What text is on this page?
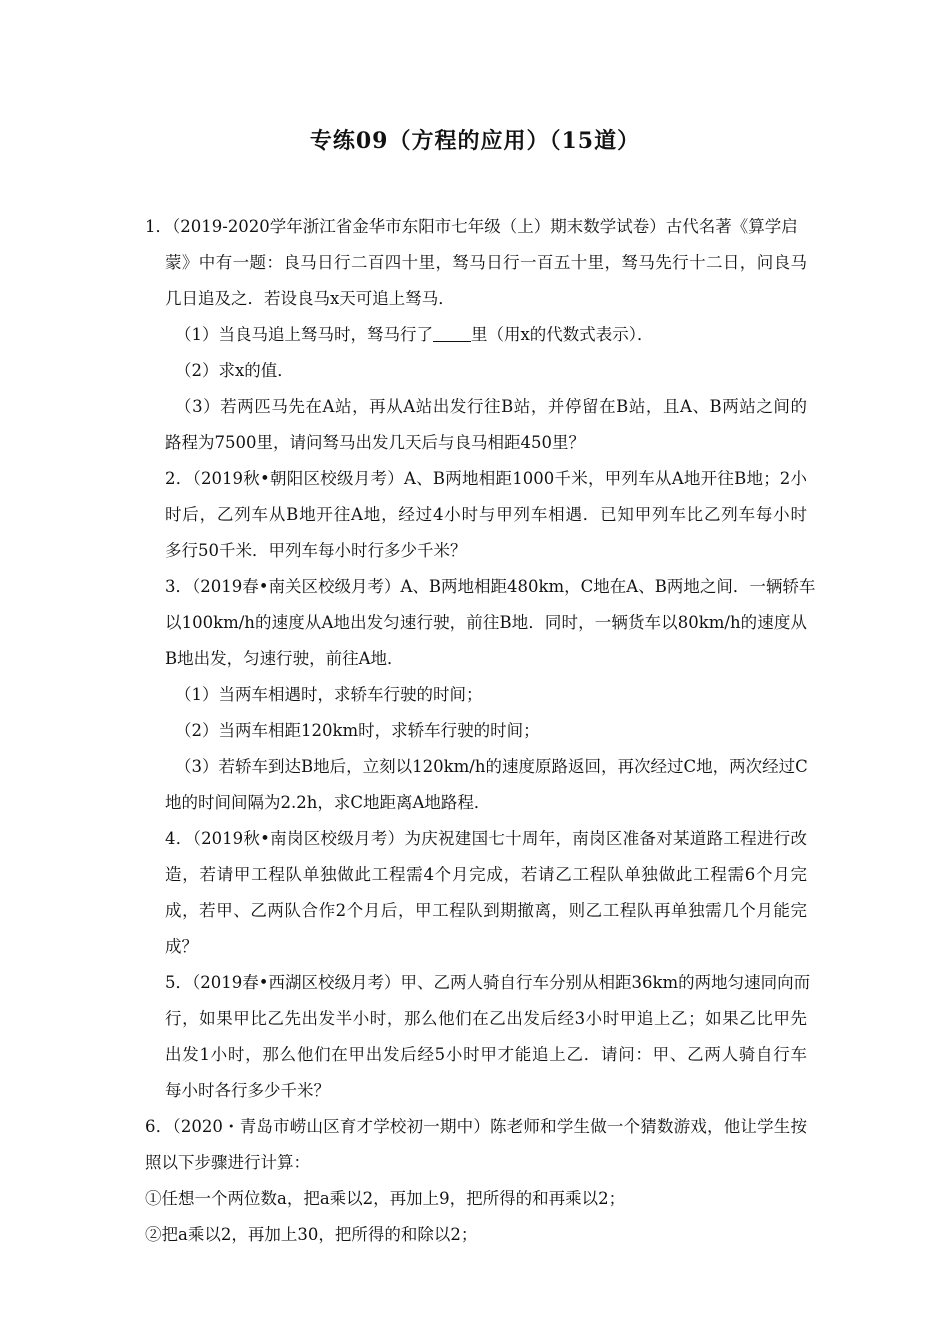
专练09（方程的应用）（15道）
1．（2019-2020学年浙江省金华市东阳市七年级（上）期末数学试卷）古代名著《算学启
蒙》中有一题：良马日行二百四十里，驽马日行一百五十里，驽马先行十二日，问良马
几日追及之．若设良马x天可追上驽马．
（1）当良马追上驽马时，驽马行了 里（用x的代数式表示）．
（2）求x的值．
（3）若两匹马先在A站，再从A站出发行往B站，并停留在B站，且A、B两站之间的
路程为7500里，请问驽马出发几天后与良马相距450里？
2．（2019秋•朝阳区校级月考）A、B两地相距1000千米，甲列车从A地开往B地；2小
时后，乙列车从B地开往A地，经过4小时与甲列车相遇．已知甲列车比乙列车每小时
多行50千米．甲列车每小时行多少千米？
3．（2019春•南关区校级月考）A、B两地相距480km，C地在A、B两地之间．一辆轿车
以100km/h的速度从A地出发匀速行驶，前往B地．同时，一辆货车以80km/h的速度从
B地出发，匀速行驶，前往A地．
（1）当两车相遇时，求轿车行驶的时间；
（2）当两车相距120km时，求轿车行驶的时间；
（3）若轿车到达B地后，立刻以120km/h的速度原路返回，再次经过C地，两次经过C
地的时间间隔为2.2h，求C地距离A地路程．
4．（2019秋•南岗区校级月考）为庆祝建国七十周年，南岗区准备对某道路工程进行改
造，若请甲工程队单独做此工程需4个月完成，若请乙工程队单独做此工程需6个月完
成，若甲、乙两队合作2个月后，甲工程队到期撤离，则乙工程队再单独需几个月能完
成？
5．（2019春•西湖区校级月考）甲、乙两人骑自行车分别从相距36km的两地匀速同向而
行，如果甲比乙先出发半小时，那么他们在乙出发后经3小时甲追上乙；如果乙比甲先
出发1小时，那么他们在甲出发后经5小时甲才能追上乙．请问：甲、乙两人骑自行车
每小时各行多少千米？
6．（2020・青岛市崂山区育才学校初一期中）陈老师和学生做一个猜数游戏，他让学生按
照以下步骤进行计算：
①任想一个两位数a，把a乘以2，再加上9，把所得的和再乘以2；
②把a乘以2，再加上30，把所得的和除以2；
